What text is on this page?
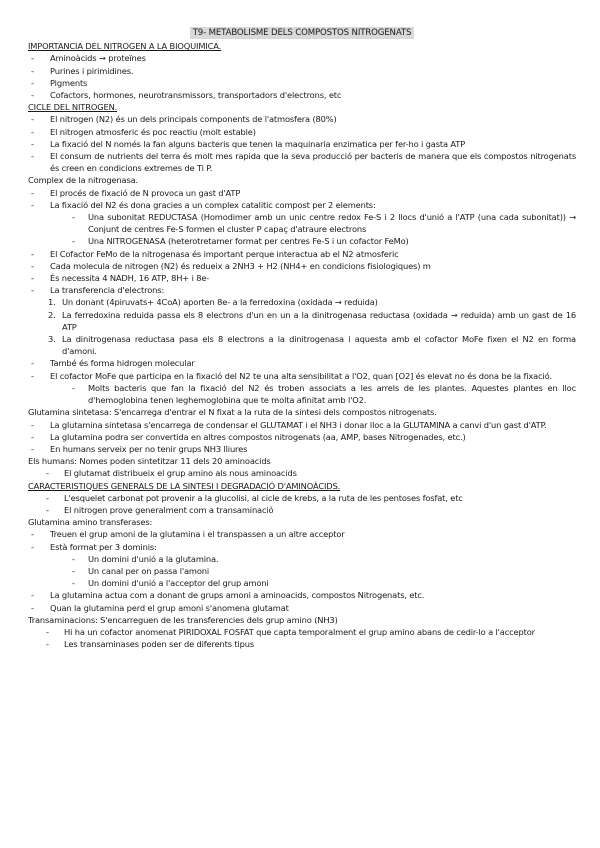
T9- METABOLISME DELS COMPOSTOS NITROGENATS

IMPORTANCIA DEL NITROGEN A LA BIOQUIMICA.

- Aminoàcids → proteïnes
- Purines i pirimidines.
- Pigments
- Cofactors, hormones, neurotransmissors, transportadors d'electrons, etc

CICLE DEL NITROGEN.

- El nitrogen (N2) és un dels principals components de l'atmosfera (80%)
- El nitrogen atmosferic és poc reactiu (molt estable)
- La fixació del N només la fan alguns bacteris que tenen la maquinaria enzimatica per fer-ho i gasta ATP
- El consum de nutrients del terra és molt mes rapida que la seva producció per bacteris de manera que els compostos nitrogenats és creen en condicions extremes de Ti P.

Complex de la nitrogenasa.

- El procés de fixació de N provoca un gast d'ATP
- La fixació del N2 és dona gracies a un complex catalitic compost per 2 elements:
- Una subonitat REDUCTASA (Homodimer amb un unic centre redox Fe-S i 2 llocs d'unió a l'ATP (una cada subonitat)) → Conjunt de centres Fe-S formen el cluster P capaç d'atraure electrons
- Una NITROGENASA (heterotretamer format per centres Fe-S i un cofactor FeMo)
- El Cofactor FeMo de la nitrogenasa és important perque interactua ab el N2 atmosferic
- Cada molecula de nitrogen (N2) és redueix a 2NH3 + H2 (NH4+ en condicions fisiologiques) m
- És necessita 4 NADH, 16 ATP, 8H+ i 8e-
- La transferencia d'electrons:
1. Un donant (4piruvats+ 4CoA) aporten 8e- a la ferredoxina (oxidada → reduida)
2. La ferredoxina reduida passa els 8 electrons d'un en un a la dinitrogenasa reductasa (oxidada → reduida) amb un gast de 16 ATP
3. La dinitrogenasa reductasa pasa els 8 electrons a la dinitrogenasa i aquesta amb el cofactor MoFe fixen el N2 en forma d'amoni.
- També és forma hidrogen molecular
- El cofactor MoFe que participa en la fixació del N2 te una alta sensibilitat a l'O2, quan [O2] és elevat no és dona be la fixació.
- Molts bacteris que fan la fixació del N2 és troben associats a les arrels de les plantes. Aquestes plantes en lloc d'hemoglobina tenen leghemoglobina que te molta afinitat amb l'O2.

Glutamina sintetasa: S'encarrega d'entrar el N fixat a la ruta de la sintesi dels compostos nitrogenats.

- La glutamina sintetasa s'encarrega de condensar el GLUTAMAT i el NH3 i donar lloc a la GLUTAMINA a canvi d'un gast d'ATP.
- La glutamina podra ser convertida en altres compostos nitrogenats (aa, AMP, bases Nitrogenades, etc.)
- En humans serveix per no tenir grups NH3 lliures

Els humans: Nomes poden sintetitzar 11 dels 20 aminoacids

- El glutamat distribueix el grup amino als nous aminoacids

CARACTERISTIQUES GENERALS DE LA SINTESI I DEGRADACIÓ D'AMINOÀCIDS.

- L'esquelet carbonat pot provenir a la glucolisi, al cicle de krebs, a la ruta de les pentoses fosfat, etc
- El nitrogen prove generalment com a transaminació

Glutamina amino transferases:

- Treuen el grup amoni de la glutamina i el transpassen a un altre acceptor
- Està format per 3 dominis:
- Un domini d'unió a la glutamina.
- Un canal per on passa l'amoni
- Un domini d'unió a l'acceptor del grup amoni
- La glutamina actua com a donant de grups amoni a aminoacids, compostos Nitrogenats, etc.
- Quan la glutamina perd el grup amoni s'anomena glutamat

Transaminacions: S'encarreguen de les transferencies dels grup amino (NH3)

- Hi ha un cofactor anomenat PIRIDOXAL FOSFAT que capta temporalment el grup amino abans de cedir-lo a l'acceptor
- Les transaminases poden ser de diferents tipus
